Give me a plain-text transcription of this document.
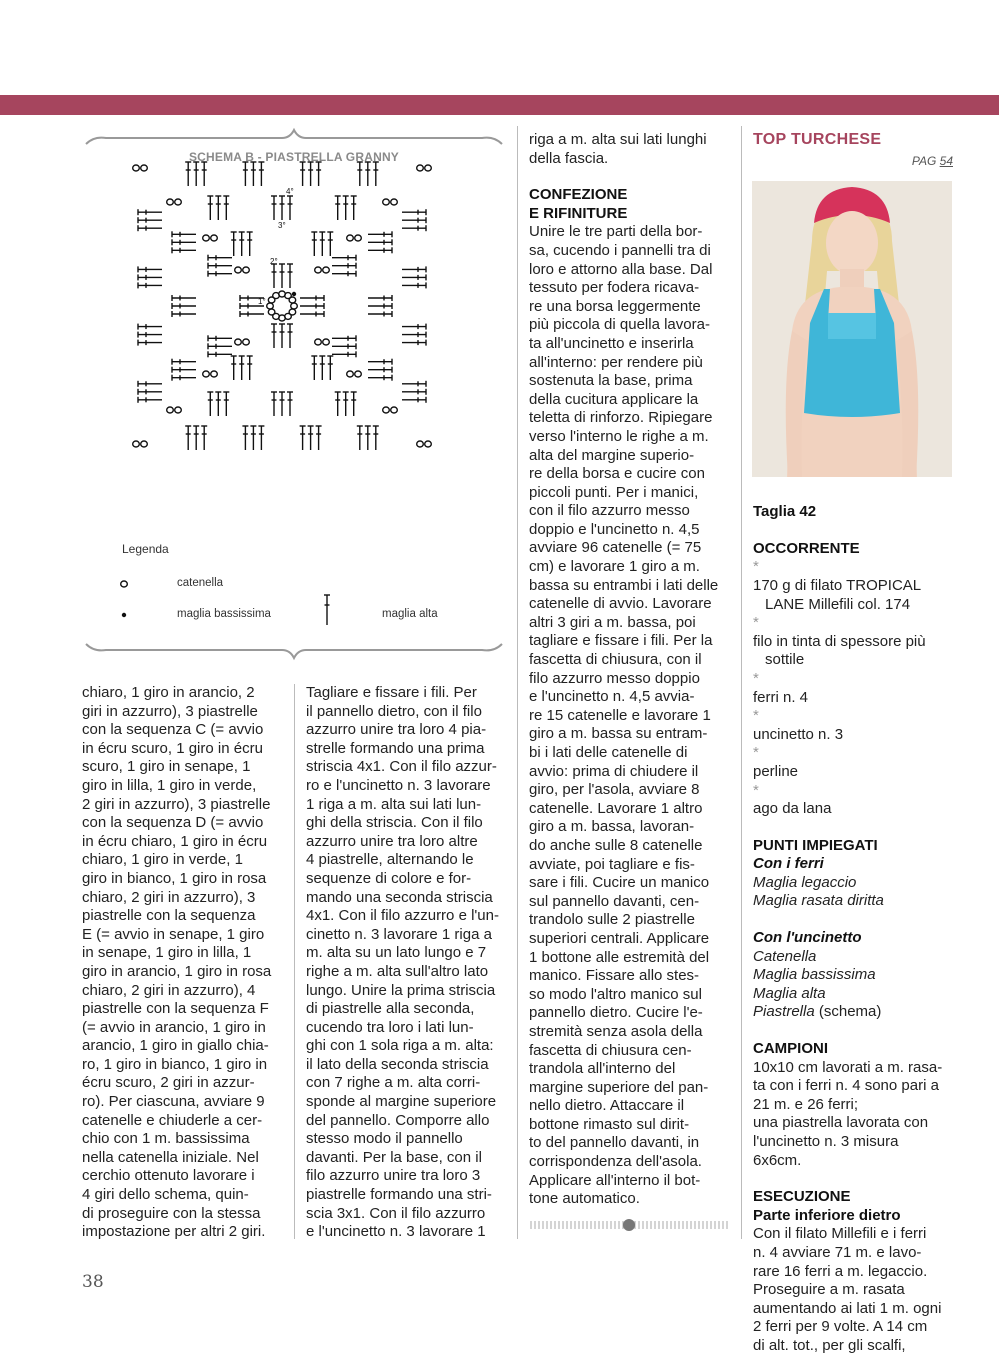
1°
2°
3°
4°
SCHEMA B - PIASTRELLA GRANNY
Legenda
catenella
maglia bassissima	maglia alta
chiaro, 1 giro in arancio, 2
giri in azzurro), 3 piastrelle
con la sequenza C (= avvio
in écru scuro, 1 giro in écru
scuro, 1 giro in senape, 1
giro in lilla, 1 giro in verde,
2 giri in azzurro), 3 piastrelle
con la sequenza D (= avvio
in écru chiaro, 1 giro in écru
chiaro, 1 giro in verde, 1
giro in bianco, 1 giro in rosa
chiaro, 2 giri in azzurro), 3
piastrelle con la sequenza
E (= avvio in senape, 1 giro
in senape, 1 giro in lilla, 1
giro in arancio, 1 giro in rosa
chiaro, 2 giri in azzurro), 4
piastrelle con la sequenza F
(= avvio in arancio, 1 giro in
arancio, 1 giro in giallo chia-
ro, 1 giro in bianco, 1 giro in
écru scuro, 2 giri in azzur-
ro). Per ciascuna, avviare 9
catenelle e chiuderle a cer-
chio con 1 m. bassissima
nella catenella iniziale. Nel
cerchio ottenuto lavorare i
4 giri dello schema, quin-
di proseguire con la stessa
impostazione per altri 2 giri.
Tagliare e fissare i fili. Per
il pannello dietro, con il filo
azzurro unire tra loro 4 pia-
strelle formando una prima
striscia 4x1. Con il filo azzur-
ro e l'uncinetto n. 3 lavorare
1 riga a m. alta sui lati lun-
ghi della striscia. Con il filo
azzurro unire tra loro altre
4 piastrelle, alternando le
sequenze di colore e for-
mando una seconda striscia
4x1. Con il filo azzurro e l'un-
cinetto n. 3 lavorare 1 riga a
m. alta su un lato lungo e 7
righe a m. alta sull'altro lato
lungo. Unire la prima striscia
di piastrelle alla seconda,
cucendo tra loro i lati lun-
ghi con 1 sola riga a m. alta:
il lato della seconda striscia
con 7 righe a m. alta corri-
sponde al margine superiore
del pannello. Comporre allo
stesso modo il pannello
davanti. Per la base, con il
filo azzurro unire tra loro 3
piastrelle formando una stri-
scia 3x1. Con il filo azzurro
e l'uncinetto n. 3 lavorare 1
riga a m. alta sui lati lunghi
della fascia.
CONFEZIONE
E RIFINITURE
Unire le tre parti della bor-
sa, cucendo i pannelli tra di
loro e attorno alla base. Dal
tessuto per fodera ricava-
re una borsa leggermente
più piccola di quella lavora-
ta all'uncinetto e inserirla
all'interno: per rendere più
sostenuta la base, prima
della cucitura applicare la
teletta di rinforzo. Ripiegare
verso l'interno le righe a m.
alta del margine superio-
re della borsa e cucire con
piccoli punti. Per i manici,
con il filo azzurro messo
doppio e l'uncinetto n. 4,5
avviare 96 catenelle (= 75
cm) e lavorare 1 giro a m.
bassa su entrambi i lati delle
catenelle di avvio. Lavorare
altri 3 giri a m. bassa, poi
tagliare e fissare i fili. Per la
fascetta di chiusura, con il
filo azzurro messo doppio
e l'uncinetto n. 4,5 avvia-
re 15 catenelle e lavorare 1
giro a m. bassa su entram-
bi i lati delle catenelle di
avvio: prima di chiudere il
giro, per l'asola, avviare 8
catenelle. Lavorare 1 altro
giro a m. bassa, lavoran-
do anche sulle 8 catenelle
avviate, poi tagliare e fis-
sare i fili. Cucire un manico
sul pannello davanti, cen-
trandolo sulle 2 piastrelle
superiori centrali. Applicare
1 bottone alle estremità del
manico. Fissare allo stes-
so modo l'altro manico sul
pannello dietro. Cucire l'e-
stremità senza asola della
fascetta di chiusura cen-
trandola all'interno del
margine superiore del pan-
nello dietro. Attaccare il
bottone rimasto sul dirit-
to del pannello davanti, in
corrispondenza dell'asola.
Applicare all'interno il bot-
tone automatico.
TOP TURCHESE
PAG 54
Taglia 42
OCCORRENTE
*
170 g di filato TROPICAL
LANE Millefili col. 174
*
filo in tinta di spessore più
sottile
*
ferri n. 4
*
uncinetto n. 3
*
perline
*
ago da lana
PUNTI IMPIEGATI
Con i ferri
Maglia legaccio
Maglia rasata diritta
Con l'uncinetto
Catenella
Maglia bassissima
Maglia alta
Piastrella (schema)
CAMPIONI
10x10 cm lavorati a m. rasa-
ta con i ferri n. 4 sono pari a
21 m. e 26 ferri;
una piastrella lavorata con
l'uncinetto n. 3 misura
6x6cm.
ESECUZIONE
Parte inferiore dietro
Con il filato Millefili e i ferri
n. 4 avviare 71 m. e lavo-
rare 16 ferri a m. legaccio.
Proseguire a m. rasata
aumentando ai lati 1 m. ogni
2 ferri per 9 volte. A 14 cm
di alt. tot., per gli scalfi,
38
